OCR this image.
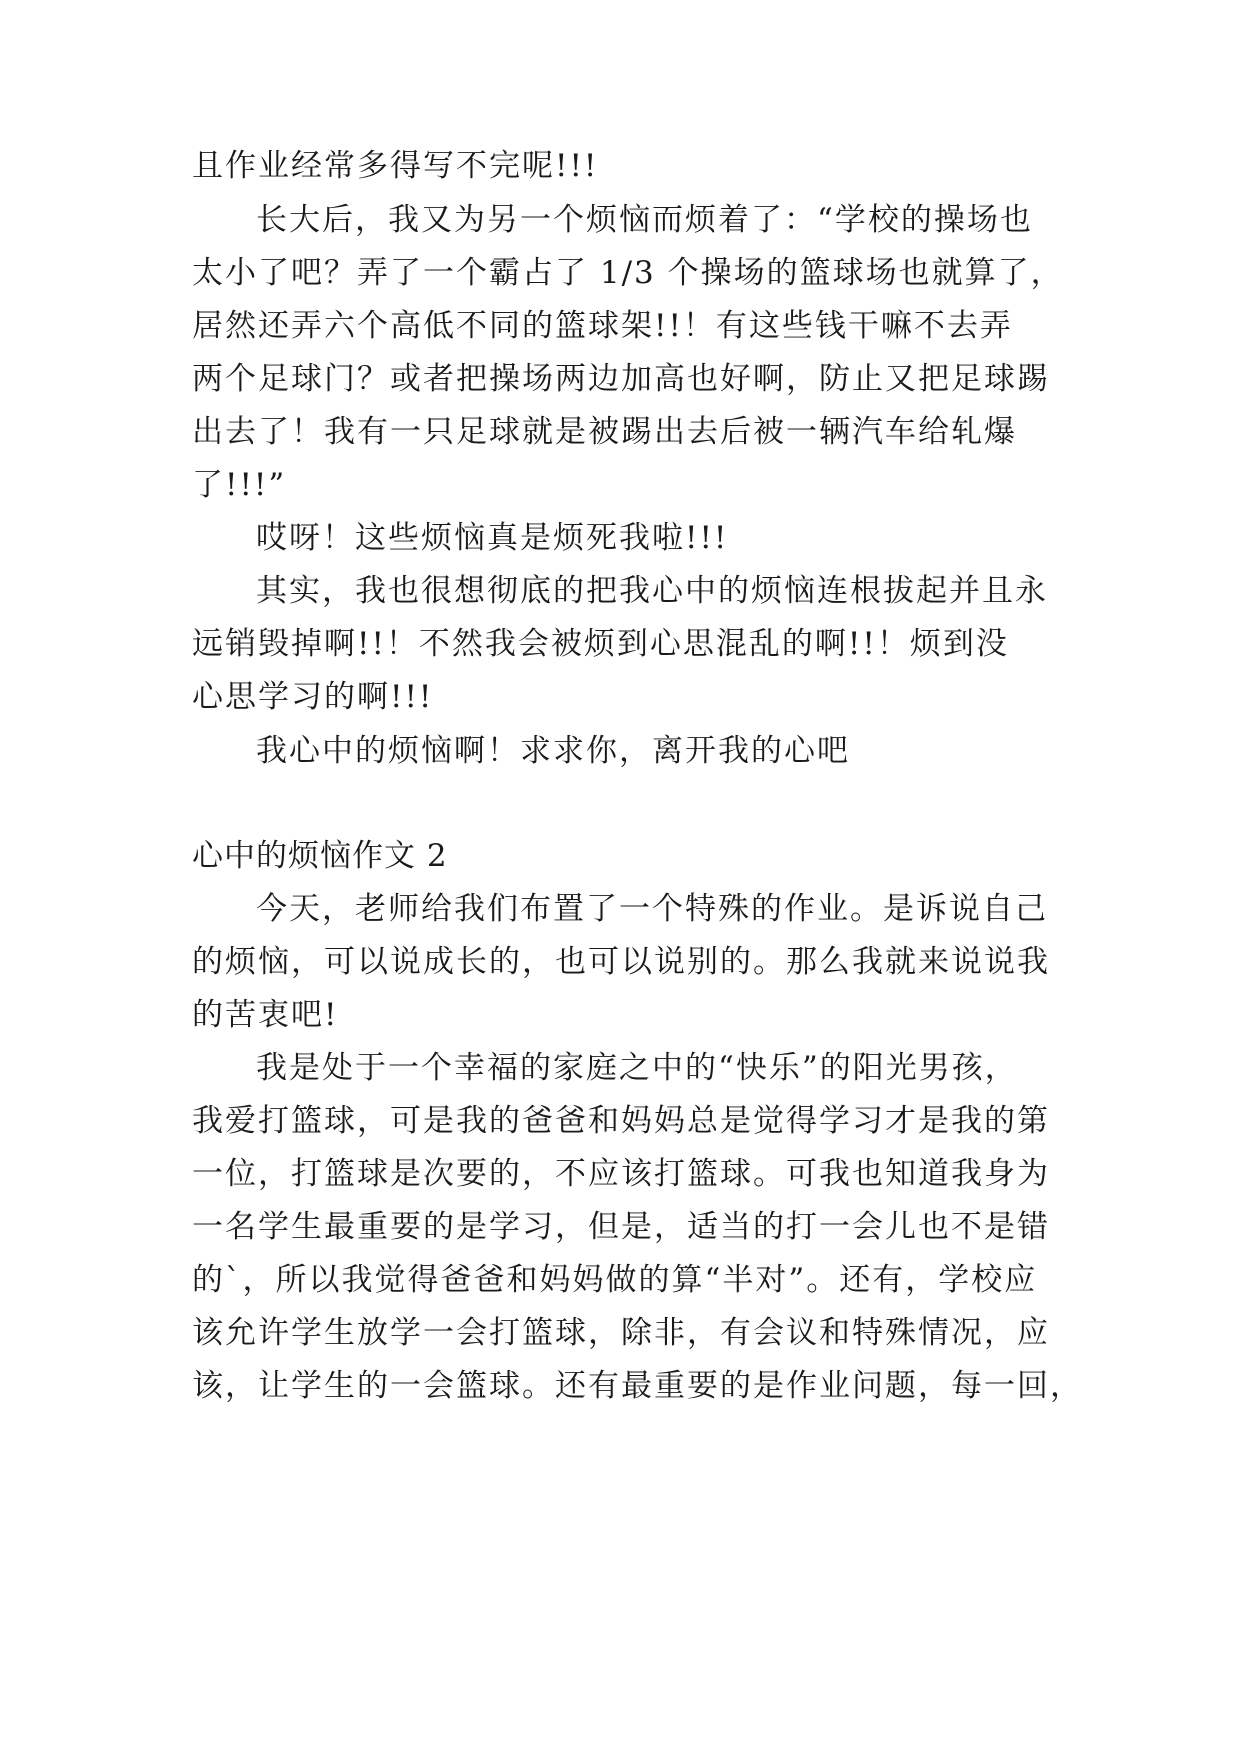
且作业经常多得写不完呢!!!

长大后，我又为另一个烦恼而烦着了：“学校的操场也

太小了吧？弄了一个霸占了 1/3 个操场的篮球场也就算了，

居然还弄六个高低不同的篮球架!!！有这些钱干嘛不去弄

两个足球门？或者把操场两边加高也好啊，防止又把足球踢

出去了！我有一只足球就是被踢出去后被一辆汽车给轧爆

了!!!”

哎呀！这些烦恼真是烦死我啦!!!

其实，我也很想彻底的把我心中的烦恼连根拔起并且永

远销毁掉啊!!！不然我会被烦到心思混乱的啊!!！烦到没

心思学习的啊!!!

我心中的烦恼啊！求求你，离开我的心吧

心中的烦恼作文 2

今天，老师给我们布置了一个特殊的作业。是诉说自己

的烦恼，可以说成长的，也可以说别的。那么我就来说说我

的苦衷吧!

我是处于一个幸福的家庭之中的“快乐”的阳光男孩，

我爱打篮球，可是我的爸爸和妈妈总是觉得学习才是我的第

一位，打篮球是次要的，不应该打篮球。可我也知道我身为

一名学生最重要的是学习，但是，适当的打一会儿也不是错

的`，所以我觉得爸爸和妈妈做的算“半对”。还有，学校应

该允许学生放学一会打篮球，除非，有会议和特殊情况，应

该，让学生的一会篮球。还有最重要的是作业问题，每一回，
